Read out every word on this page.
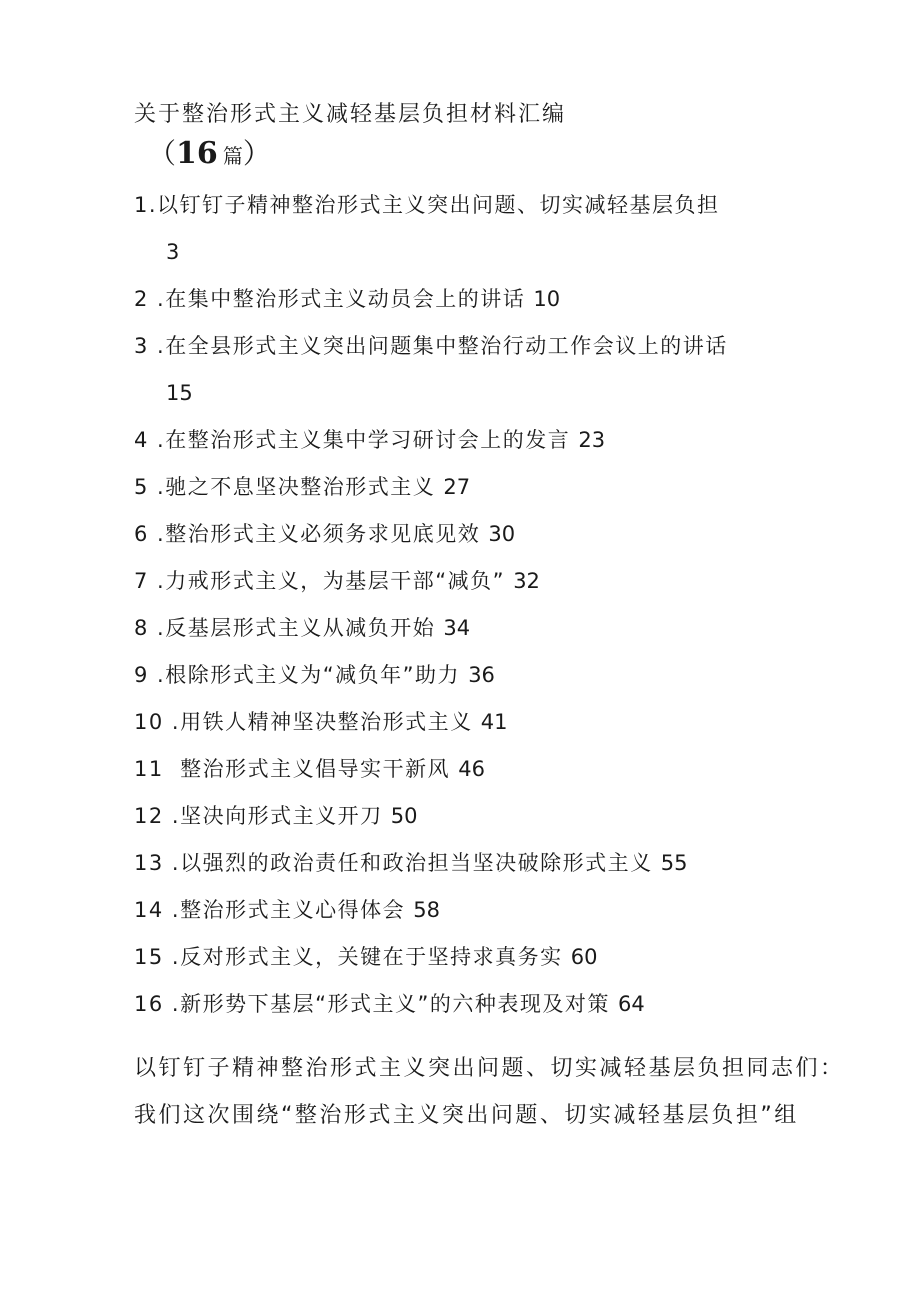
关于整治形式主义减轻基层负担材料汇编
（16 篇）
1.以钉钉子精神整治形式主义突出问题、切实减轻基层负担
3
2 .在集中整治形式主义动员会上的讲话 10
3 .在全县形式主义突出问题集中整治行动工作会议上的讲话
15
4 .在整治形式主义集中学习研讨会上的发言 23
5 .驰之不息坚决整治形式主义 27
6 .整治形式主义必须务求见底见效 30
7 .力戒形式主义，为基层干部“减负” 32
8 .反基层形式主义从减负开始 34
9 .根除形式主义为“减负年”助力 36
10 .用铁人精神坚决整治形式主义 41
11 整治形式主义倡导实干新风 46
12 .坚决向形式主义开刀 50
13 .以强烈的政治责任和政治担当坚决破除形式主义 55
14 .整治形式主义心得体会 58
15 .反对形式主义，关键在于坚持求真务实 60
16 .新形势下基层“形式主义”的六种表现及对策 64
以钉钉子精神整治形式主义突出问题、切实减轻基层负担同志们：
我们这次围绕“整治形式主义突出问题、切实减轻基层负担”组
